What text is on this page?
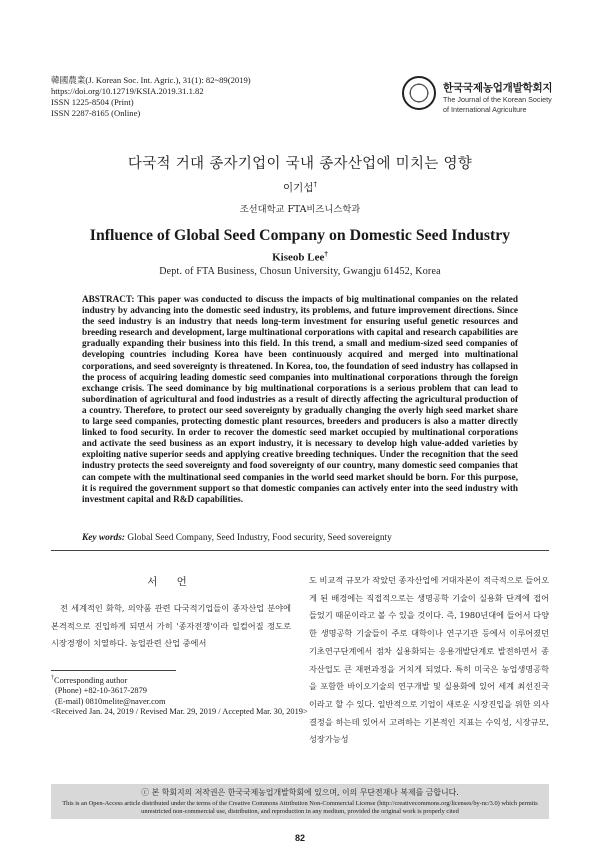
韓國農業(J. Korean Soc. Int. Agric.), 31(1): 82~89(2019)
https://doi.org/10.12719/KSIA.2019.31.1.82
ISSN 1225-8504 (Print)
ISSN 2287-8165 (Online)
한국국제농업개발학회지
The Journal of the Korean Society of International Agriculture
다국적 거대 종자기업이 국내 종자산업에 미치는 영향
이기섭†
조선대학교 FTA비즈니스학과
Influence of Global Seed Company on Domestic Seed Industry
Kiseob Lee†
Dept. of FTA Business, Chosun University, Gwangju 61452, Korea
ABSTRACT: This paper was conducted to discuss the impacts of big multinational companies on the related industry by advancing into the domestic seed industry, its problems, and future improvement directions. Since the seed industry is an industry that needs long-term investment for ensuring useful genetic resources and breeding research and development, large multinational corporations with capital and research capabilities are gradually expanding their business into this field. In this trend, a small and medium-sized seed companies of developing countries including Korea have been continuously acquired and merged into multinational corporations, and seed sovereignty is threatened. In Korea, too, the foundation of seed industry has collapsed in the process of acquiring leading domestic seed companies into multinational corporations through the foreign exchange crisis. The seed dominance by big multinational corporations is a serious problem that can lead to subordination of agricultural and food industries as a result of directly affecting the agricultural production of a country. Therefore, to protect our seed sovereignty by gradually changing the overly high seed market share to large seed companies, protecting domestic plant resources, breeders and producers is also a matter directly linked to food security. In order to recover the domestic seed market occupied by multinational corporations and activate the seed business as an export industry, it is necessary to develop high value-added varieties by exploiting native superior seeds and applying creative breeding techniques. Under the recognition that the seed industry protects the seed sovereignty and food sovereignty of our country, many domestic seed companies that can compete with the multinational seed companies in the world seed market should be born. For this purpose, it is required the government support so that domestic companies can actively enter into the seed industry with investment capital and R&D capabilities.
Key words: Global Seed Company, Seed Industry, Food security, Seed sovereignty
서 언
전 세계적인 화학, 의약품 관련 다국적기업들이 종자산업 분야에 본격적으로 진입하게 되면서 가히 '종자전쟁'이라 일컬어질 정도로 시장경쟁이 치열하다. 농업관련 산업 중에서
도 비교적 규모가 작았던 종자산업에 거대자본이 적극적으로 들어오게 된 배경에는 직접적으로는 생명공학 기술이 실용화 단계에 접어들었기 때문이라고 볼 수 있을 것이다. 즉, 1980년대에 들어서 다양한 생명공학 기술들이 주로 대학이나 연구기관 등에서 이루어졌던 기초연구단계에서 점차 실용화되는 응용개발단계로 발전하면서 종자산업도 큰 재편과정을 거치게 되었다. 특히 미국은 농업생명공학을 포함한 바이오기술의 연구개발 및 실용화에 있어 세계 최선진국이라고 할 수 있다. 일반적으로 기업이 새로운 시장진입을 위한 의사결정을 하는데 있어서 고려하는 기본적인 지표는 수익성, 시장규모, 성장가능성
†Corresponding author
(Phone) +82-10-3617-2879
(E-mail) 0810melite@naver.com
<Received Jan. 24, 2019 / Revised Mar. 29, 2019 / Accepted Mar. 30, 2019>
ⓒ 본 학회지의 저작권은 한국국제농업개발학회에 있으며, 이의 무단전재나 복제를 금합니다.
This is an Open-Access article distributed under the terms of the Creative Commons Attribution Non-Commercial License (http://creativecommons.org/licenses/by-nc/3.0) which permits unrestricted non-commercial use, distribution, and reproduction in any medium, provided the original work is properly cited
82
